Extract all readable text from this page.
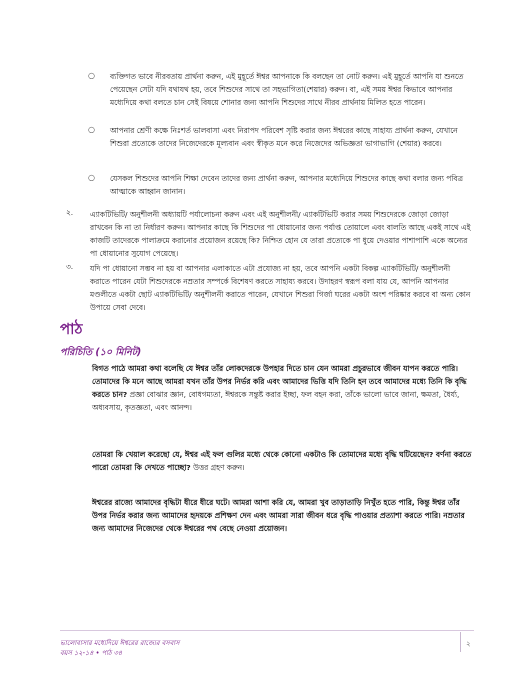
○ ব্যক্তিগত ভাবে নীরবতায় প্রার্থনা করুন, এই মুহূর্তে ঈশ্বর আপনাকে কি বলছেন তা নোট করুন। এই মুহূর্তে আপনি যা শুনতে পেয়েছেন সেটা যদি যথাযথ হয়, তবে শিশুদের সাথে তা সহভাগিতা(শেয়ার) করুন। বা, এই সময় ঈশ্বর কিভাবে আপনার মধ্যেদিয়ে কথা বলতে চান সেই বিষয়ে শোনার জন্য আপনি শিশুদের সাথে নীরব প্রার্থনায় মিলিত হতে পারেন।

○ আপনার শ্রেণী কক্ষে নিঃশর্ত ভালবাসা এবং নিরাপদ পরিবেশ সৃষ্টি করার জন্য ঈশ্বরের কাছে সাহায্য প্রার্থনা করুন, যেখানে শিশুরা প্রত্যেকে তাদের নিজেদেরকে মূল্যবান এবং স্বীকৃত মনে করে নিজেদের অভিজ্ঞতা ভাগাভাগি (শেয়ার) করবে।

○ যেসকল শিশুদের আপনি শিক্ষা দেবেন তাদের জন্য প্রার্থনা করুন, আপনার মধ্যেদিয়ে শিশুদের কাছে কথা বলার জন্য পবিত্র আত্মাকে আহ্বান জানান।

২. এ্যাকটিভিটি/ অনুশীলনী অধ্যায়টি পর্যালোচনা করুন এবং এই অনুশীলনী/ এ্যাকটিভিটি করার সময় শিশুদেরকে জোড়া জোড়া রাখবেন কি না তা নির্ধারণ করুন। আপনার কাছে কি শিশুদের পা ধোয়ানোর জন্য পর্যাপ্ত তোয়ালে এবং বালতি আছে একই সাথে এই কাজটি তাদেরকে পালাক্রমে করানোর প্রয়োজন রয়েছে কি? নিশ্চিত হোন যে তারা প্রত্যেকে পা ধুয়ে দেওয়ার পাশাপাশি একে অন্যের পা ধোয়ানোর সুযোগ পেয়েছে।

৩. যদি পা ধোয়ানো সম্ভব না হয় বা আপনার এলাকাতে এটা প্রযোজ্য না হয়, তবে আপনি একটা বিকল্প এ্যাকটিভিটি/ অনুশীলনী করাতে পারেন যেটা শিশুদেরকে নম্রতার সম্পর্কে বিশেষণ করতে সাহায্য করবে। উদাহরণ স্বরূপ বলা যায় যে, আপনি আপনার মণ্ডলীতে একটা ছোট এ্যাকটিভিটি/ অনুশীলনী করাতে পারেন, যেখানে শিশুরা গির্জা ঘরের একটা অংশ পরিষ্কার করবে বা অন্য কোন উপায়ে সেবা দেবে।

পাঠ
পরিচিতি (১০ মিনিট)

বিগত পাঠে আমরা কথা বলেছি যে ঈশ্বর তাঁর লোকদেরকে উপহার দিতে চান যেন আমরা প্রচুরভাবে জীবন যাপন করতে পারি। তোমাদের কি মনে আছে আমরা যখন তাঁর উপর নির্ভর করি এবং আমাদের ভিত্তি যদি তিনি হন তবে আমাদের মধ্যে তিনি কি বৃদ্ধি করতে চান? প্রজ্ঞা বোঝার জ্ঞান, বোধগম্যতা, ঈশ্বরকে সন্তুষ্ট করার ইচ্ছা, ফল বহন করা, তাঁকে ভালো ভাবে জানা, ক্ষমতা, ধৈর্য্য, অধ্যবসায়, কৃতজ্ঞতা, এবং আনন্দ।

তোমরা কি খেয়াল করেছো যে, ঈশ্বর এই ফল গুলির মধ্যে থেকে কোনো একটাও কি তোমাদের মধ্যে বৃদ্ধি ঘটিয়েছেন? বর্ণনা করতে পারো তোমরা কি দেখতে পাচ্ছো? উত্তর গ্রহণ করুন।

ঈশ্বরের রাজ্যে আমাদের বৃদ্ধিটা ধীরে ধীরে ঘটে। আমরা আশা করি যে, আমরা খুব তাড়াতাড়ি নিখুঁত হতে পারি, কিন্তু ঈশ্বর তাঁর উপর নির্ভর করার জন্য আমাদের হৃদয়কে প্রশিক্ষণ দেন এবং আমরা সারা জীবন ধরে বৃদ্ধি পাওয়ার প্রত্যাশা করতে পারি। নম্রতার জন্য আমাদের নিজেদের থেকে ঈশ্বরের পথ বেছে নেওয়া প্রয়োজন।

ভালোবাসার মধ্যেদিয়ে ঈশ্বরের রাজ্যের বসবাস
বয়স ১২-১৪ • পাঠ ৩৪
২
